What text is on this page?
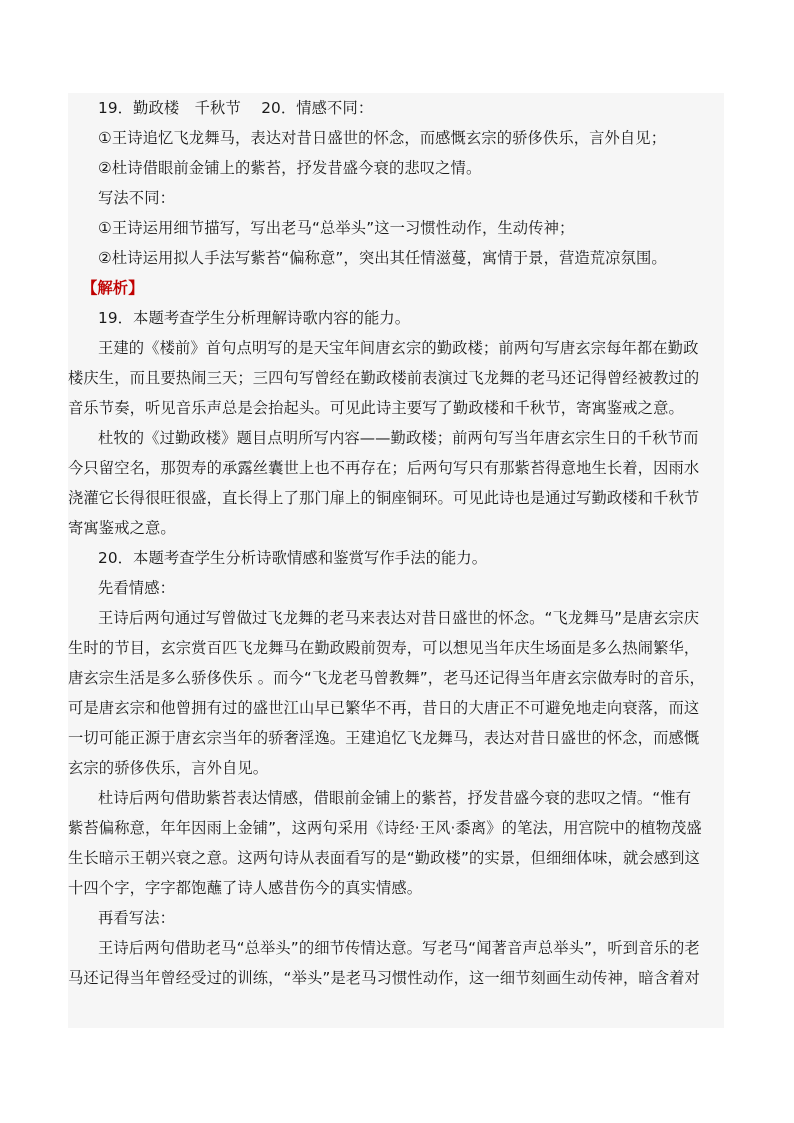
19．勤政楼　千秋节　 20．情感不同：
①王诗追忆飞龙舞马，表达对昔日盛世的怀念，而感慨玄宗的骄侈佚乐，言外自见；
②杜诗借眼前金铺上的紫苔，抒发昔盛今衰的悲叹之情。
写法不同：
①王诗运用细节描写，写出老马“总举头”这一习惯性动作，生动传神；
②杜诗运用拟人手法写紫苔“偏称意”，突出其任情滋蔓，寓情于景，营造荒凉氛围。
【解析】
19．本题考查学生分析理解诗歌内容的能力。
王建的《楼前》首句点明写的是天宝年间唐玄宗的勤政楼；前两句写唐玄宗每年都在勤政
楼庆生，而且要热闹三天；三四句写曾经在勤政楼前表演过飞龙舞的老马还记得曾经被教过的
音乐节奏，听见音乐声总是会抬起头。可见此诗主要写了勤政楼和千秋节，寄寓鉴戒之意。
杜牧的《过勤政楼》题目点明所写内容——勤政楼；前两句写当年唐玄宗生日的千秋节而
今只留空名，那贺寿的承露丝囊世上也不再存在；后两句写只有那紫苔得意地生长着，因雨水
浇灌它长得很旺很盛，直长得上了那门扉上的铜座铜环。可见此诗也是通过写勤政楼和千秋节
寄寓鉴戒之意。
20．本题考查学生分析诗歌情感和鉴赏写作手法的能力。
先看情感：
王诗后两句通过写曾做过飞龙舞的老马来表达对昔日盛世的怀念。“飞龙舞马”是唐玄宗庆
生时的节目，玄宗赏百匹飞龙舞马在勤政殿前贺寿，可以想见当年庆生场面是多么热闹繁华，
唐玄宗生活是多么骄侈佚乐 。而今“飞龙老马曾教舞”，老马还记得当年唐玄宗做寿时的音乐，
可是唐玄宗和他曾拥有过的盛世江山早已繁华不再，昔日的大唐正不可避免地走向衰落，而这
一切可能正源于唐玄宗当年的骄奢淫逸。王建追忆飞龙舞马，表达对昔日盛世的怀念，而感慨
玄宗的骄侈佚乐，言外自见。
杜诗后两句借助紫苔表达情感，借眼前金铺上的紫苔，抒发昔盛今衰的悲叹之情。“惟有
紫苔偏称意，年年因雨上金铺”，这两句采用《诗经·王风·黍离》的笔法，用宫院中的植物茂盛
生长暗示王朝兴衰之意。这两句诗从表面看写的是“勤政楼”的实景，但细细体味，就会感到这
十四个字，字字都饱蘸了诗人感昔伤今的真实情感。
再看写法：
王诗后两句借助老马“总举头”的细节传情达意。写老马“闻著音声总举头”，听到音乐的老
马还记得当年曾经受过的训练，“举头”是老马习惯性动作，这一细节刻画生动传神，暗含着对
